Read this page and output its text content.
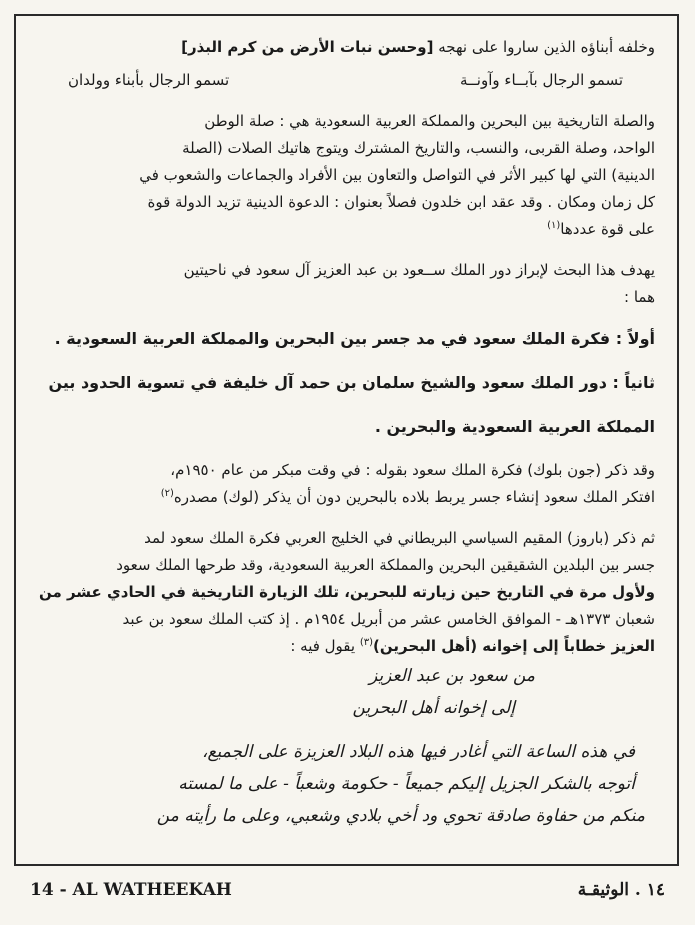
وخلفه أبناؤه الذين ساروا على نهجه [وحسن نبات الأرض من كرم البذر]

تسمو الرجال بآبــاء وآونــة
تسمو الرجال بأبناء وولدان

والصلة التاريخية بين البحرين والمملكة العربية السعودية هي : صلة الوطن

الواحد، وصلة القربى، والنسب، والتاريخ المشترك ويتوج هاتيك الصلات (الصلة

الدينية) التي لها كبير الأثر في التواصل والتعاون بين الأفراد والجماعات والشعوب في

كل زمان ومكان . وقد عقد ابن خلدون فصلاً بعنوان : الدعوة الدينية تزيد الدولة قوة

على قوة عددها$^{(١)}$

يهدف هذا البحث لإبراز دور الملك ســعود بن عبد العزيز آل سعود في ناحيتين

هما :

أولاً : فكرة الملك سعود في مد جسر بين البحرين والمملكة العربية السعودية .

ثانياً : دور الملك سعود والشيخ سلمان بن حمد آل خليفة في تسوية الحدود بين

المملكة العربية السعودية والبحرين .

وقد ذكر (جون بلوك) فكرة الملك سعود بقوله : في وقت مبكر من عام ١٩٥٠م،

افتكر الملك سعود إنشاء جسر يربط بلاده بالبحرين دون أن يذكر (لوك) مصدره$^{(٢)}$

ثم ذكر (باروز) المقيم السياسي البريطاني في الخليج العربي فكرة الملك سعود لمد

جسر بين البلدين الشقيقين البحرين والمملكة العربية السعودية، وقد طرحها الملك سعود

ولأول مرة في التاريخ حين زيارته للبحرين، تلك الزيارة التاريخية في الحادي عشر من

شعبان ١٣٧٣هـ - الموافق الخامس عشر من أبريل ١٩٥٤م . إذ كتب الملك سعود بن عبد

العزيز خطاباً إلى إخوانه (أهل البحرين)$^{(٣)}$ يقول فيه :

من سعود بن عبد العزيز

إلى إخوانه أهل البحرين

في هذه الساعة التي أغادر فيها هذه البلاد العزيزة على الجميع،

أتوجه بالشكر الجزيل إليكم جميعاً - حكومة وشعباً - على ما لمسته

منكم من حفاوة صادقة تحوي ود أخي بلادي وشعبي، وعلى ما رأيته من

14 - AL WATHEEKAH	١٤ . الوثيقـة
